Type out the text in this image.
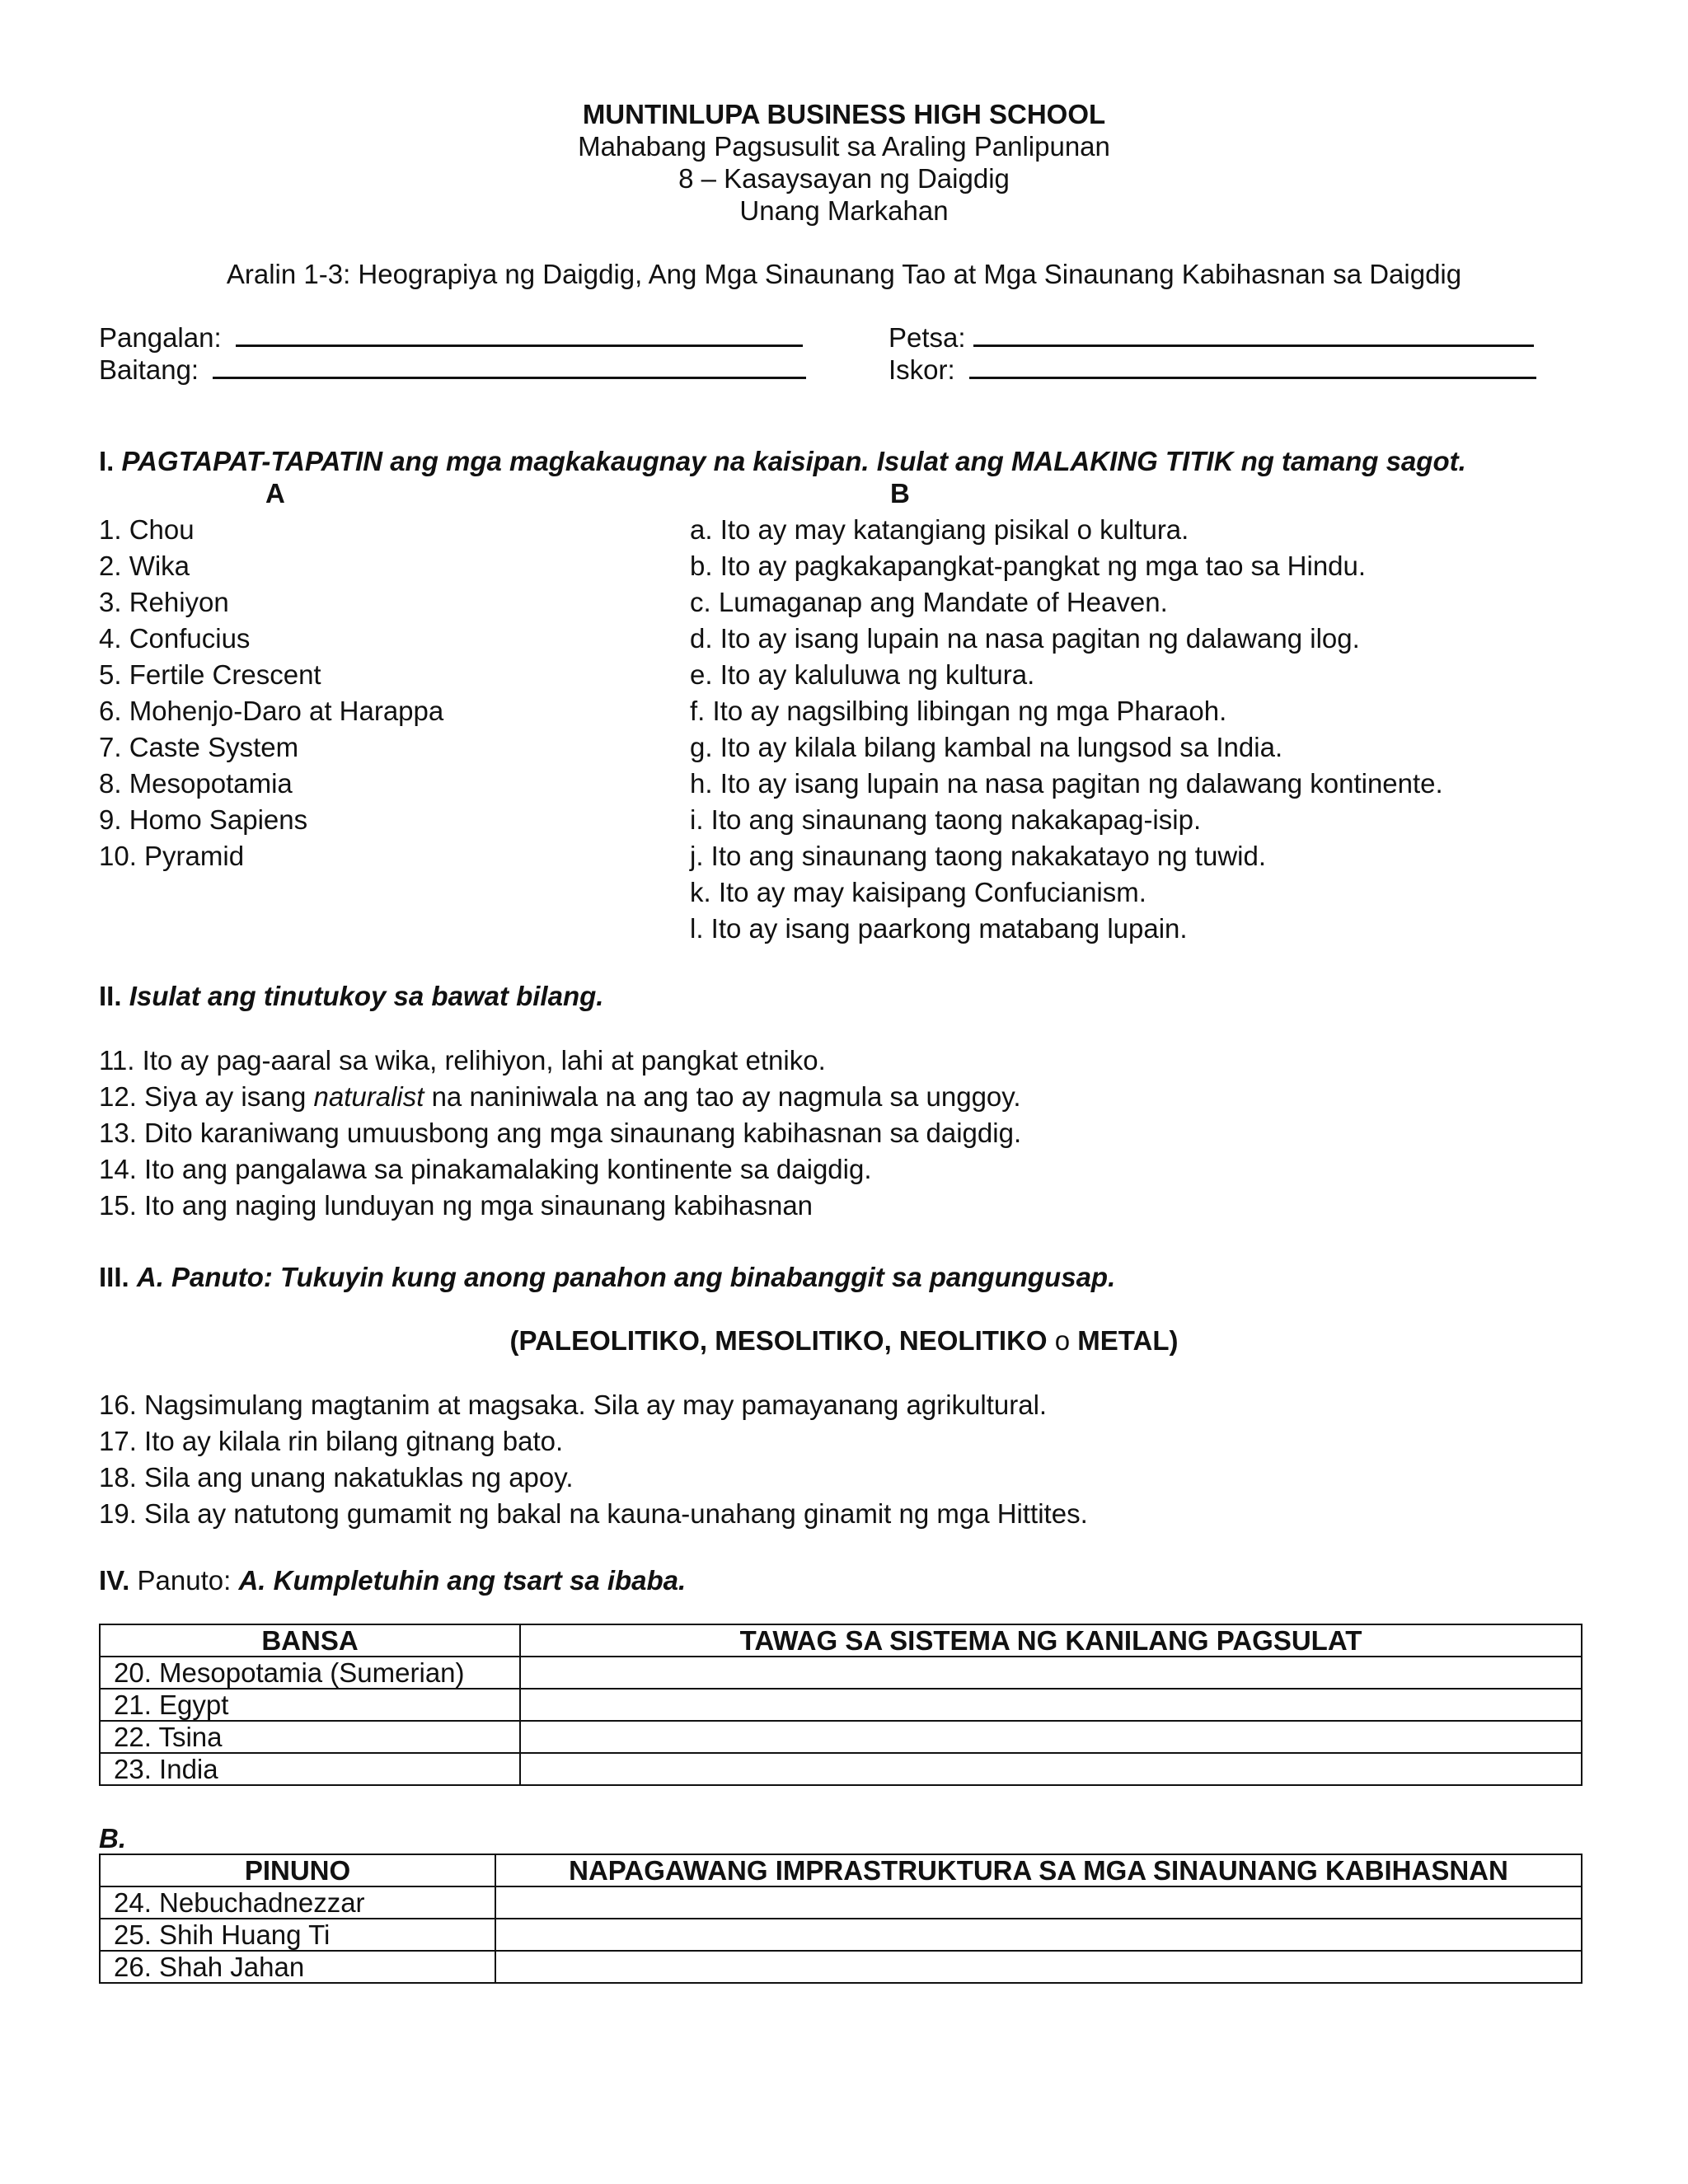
MUNTINLUPA BUSINESS HIGH SCHOOL
Mahabang Pagsusulit sa Araling Panlipunan
8 – Kasaysayan ng Daigdig
Unang Markahan
Aralin 1-3: Heograpiya ng Daigdig, Ang Mga Sinaunang Tao at Mga Sinaunang Kabihasnan sa Daigdig
Pangalan:	Petsa:
Baitang:	Iskor:
I. PAGTAPAT-TAPATIN ang mga magkakaugnay na kaisipan. Isulat ang MALAKING TITIK ng tamang sagot.
A	B
1. Chou
2. Wika
3. Rehiyon
4. Confucius
5. Fertile Crescent
6. Mohenjo-Daro at Harappa
7. Caste System
8. Mesopotamia
9. Homo Sapiens
10. Pyramid
a. Ito ay may katangiang pisikal o kultura.
b. Ito ay pagkakapangkat-pangkat ng mga tao sa Hindu.
c. Lumaganap ang Mandate of Heaven.
d. Ito ay isang lupain na nasa pagitan ng dalawang ilog.
e. Ito ay kaluluwa ng kultura.
f. Ito ay nagsilbing libingan ng mga Pharaoh.
g. Ito ay kilala bilang kambal na lungsod sa India.
h. Ito ay isang lupain na nasa pagitan ng dalawang kontinente.
i. Ito ang sinaunang taong nakakapag-isip.
j. Ito ang sinaunang taong nakakatayo ng tuwid.
k. Ito ay may kaisipang Confucianism.
l. Ito ay isang paarkong matabang lupain.
II. Isulat ang tinutukoy sa bawat bilang.
11. Ito ay pag-aaral sa wika, relihiyon, lahi at pangkat etniko.
12. Siya ay isang naturalist na naniniwala na ang tao ay nagmula sa unggoy.
13. Dito karaniwang umuusbong ang mga sinaunang kabihasnan sa daigdig.
14. Ito ang pangalawa sa pinakamalaking kontinente sa daigdig.
15. Ito ang naging lunduyan ng mga sinaunang kabihasnan
III. A. Panuto: Tukuyin kung anong panahon ang binabanggit sa pangungusap.
(PALEOLITIKO, MESOLITIKO, NEOLITIKO o METAL)
16. Nagsimulang magtanim at magsaka. Sila ay may pamayanang agrikultural.
17. Ito ay kilala rin bilang gitnang bato.
18. Sila ang unang nakatuklas ng apoy.
19. Sila ay natutong gumamit ng bakal na kauna-unahang ginamit ng mga Hittites.
IV. Panuto: A. Kumpletuhin ang tsart sa ibaba.
BANSA	TAWAG SA SISTEMA NG KANILANG PAGSULAT
20. Mesopotamia (Sumerian)	
21. Egypt	
22. Tsina	
23. India	
B.
PINUNO	NAPAGAWANG IMPRASTRUKTURA SA MGA SINAUNANG KABIHASNAN
24. Nebuchadnezzar	
25. Shih Huang Ti	
26. Shah Jahan	
